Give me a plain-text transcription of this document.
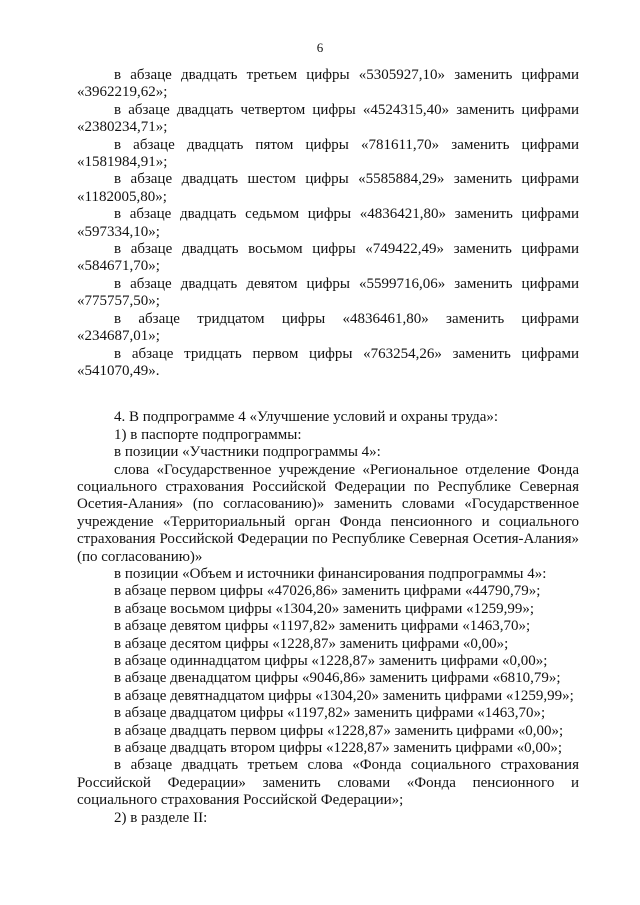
6

в абзаце двадцать третьем цифры «5305927,10» заменить цифрами «3962219,62»;

в абзаце двадцать четвертом цифры «4524315,40» заменить цифрами «2380234,71»;

в абзаце двадцать пятом цифры «781611,70» заменить цифрами «1581984,91»;

в абзаце двадцать шестом цифры «5585884,29» заменить цифрами «1182005,80»;

в абзаце двадцать седьмом цифры «4836421,80» заменить цифрами «597334,10»;

в абзаце двадцать восьмом цифры «749422,49» заменить цифрами «584671,70»;

в абзаце двадцать девятом цифры «5599716,06» заменить цифрами «775757,50»;

в абзаце тридцатом цифры «4836461,80» заменить цифрами «234687,01»;

в абзаце тридцать первом цифры «763254,26» заменить цифрами «541070,49».

4. В подпрограмме 4 «Улучшение условий и охраны труда»:

1) в паспорте подпрограммы:

в позиции «Участники подпрограммы 4»:

слова «Государственное учреждение «Региональное отделение Фонда социального страхования Российской Федерации по Республике Северная Осетия-Алания» (по согласованию)» заменить словами «Государственное учреждение «Территориальный орган Фонда пенсионного и социального страхования Российской Федерации по Республике Северная Осетия-Алания» (по согласованию)»

в позиции «Объем и источники финансирования подпрограммы 4»:

в абзаце первом цифры «47026,86» заменить цифрами «44790,79»;

в абзаце восьмом цифры «1304,20» заменить цифрами «1259,99»;

в абзаце девятом цифры «1197,82» заменить цифрами «1463,70»;

в абзаце десятом цифры «1228,87» заменить цифрами «0,00»;

в абзаце одиннадцатом цифры «1228,87» заменить цифрами «0,00»;

в абзаце двенадцатом цифры «9046,86» заменить цифрами «6810,79»;

в абзаце девятнадцатом цифры «1304,20» заменить цифрами «1259,99»;

в абзаце двадцатом цифры «1197,82» заменить цифрами «1463,70»;

в абзаце двадцать первом цифры «1228,87» заменить цифрами «0,00»;

в абзаце двадцать втором цифры «1228,87» заменить цифрами «0,00»;

в абзаце двадцать третьем слова «Фонда социального страхования Российской Федерации» заменить словами «Фонда пенсионного и социального страхования Российской Федерации»;

2) в разделе II:
